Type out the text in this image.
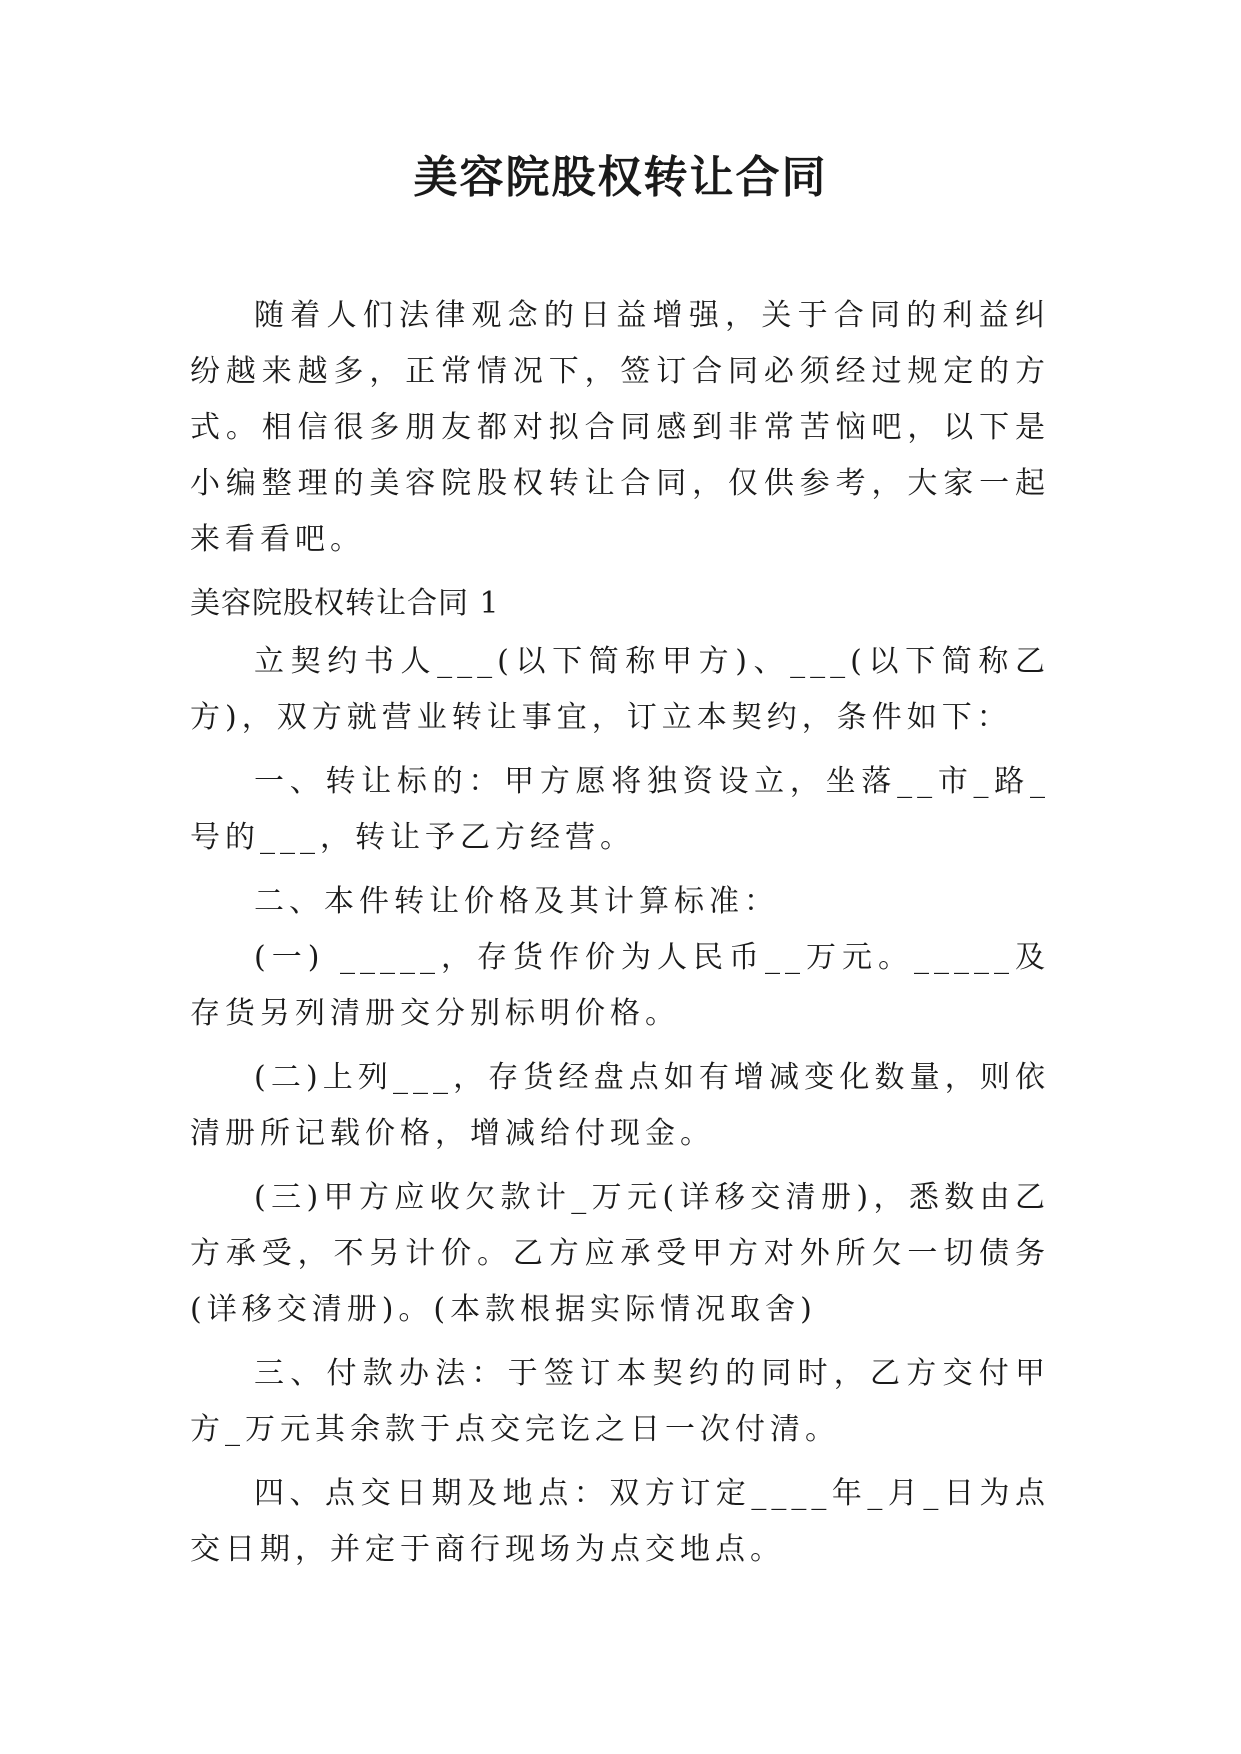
美容院股权转让合同

随着人们法律观念的日益增强，关于合同的利益纠纷越来越多，正常情况下，签订合同必须经过规定的方式。相信很多朋友都对拟合同感到非常苦恼吧，以下是小编整理的美容院股权转让合同，仅供参考，大家一起来看看吧。

美容院股权转让合同 1

立契约书人___(以下简称甲方)、___(以下简称乙方)，双方就营业转让事宜，订立本契约，条件如下：

一、转让标的：甲方愿将独资设立，坐落__市_路_号的___，转让予乙方经营。

二、本件转让价格及其计算标准：

(一) _____，存货作价为人民币__万元。_____及存货另列清册交分别标明价格。

(二)上列___，存货经盘点如有增减变化数量，则依清册所记载价格，增减给付现金。

(三)甲方应收欠款计_万元(详移交清册)，悉数由乙方承受，不另计价。乙方应承受甲方对外所欠一切债务(详移交清册)。(本款根据实际情况取舍)

三、付款办法：于签订本契约的同时，乙方交付甲方_万元其余款于点交完讫之日一次付清。

四、点交日期及地点：双方订定____年_月_日为点交日期，并定于商行现场为点交地点。
